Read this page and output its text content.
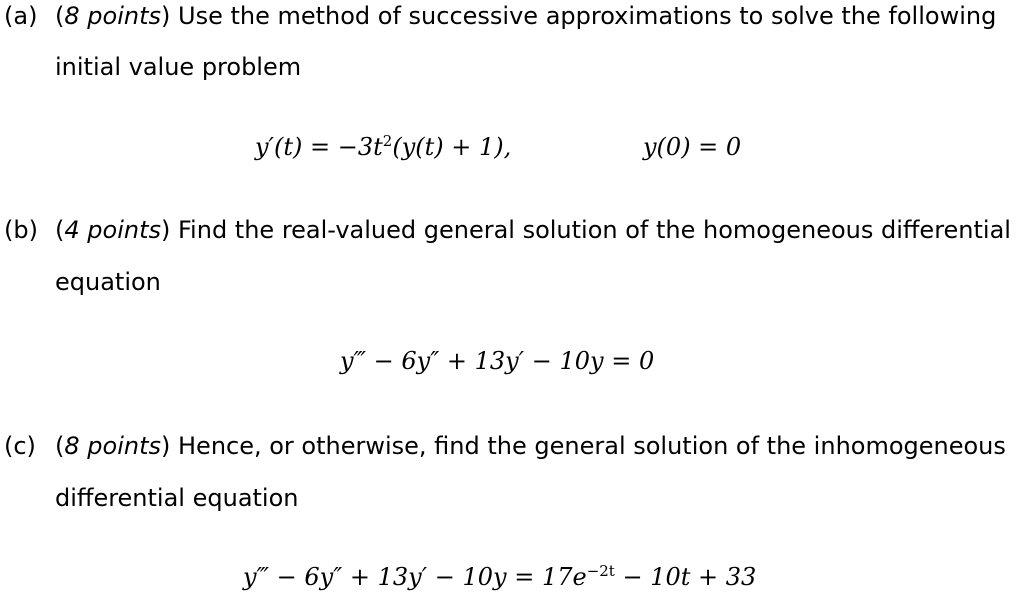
(a) (8 points) Use the method of successive approximations to solve the following
initial value problem
$y'(t) = -3t^2(y(t) + 1)$,	y(0) = 0
(b) (4 points) Find the real-valued general solution of the homogeneous differential
equation
y‴ − 6y″ + 13y′ − 10y = 0
(c) (8 points) Hence, or otherwise, find the general solution of the inhomogeneous
differential equation
y‴ − $6y'' + 13y' - 10y = 17e^{-2t} - 10t + 33$
